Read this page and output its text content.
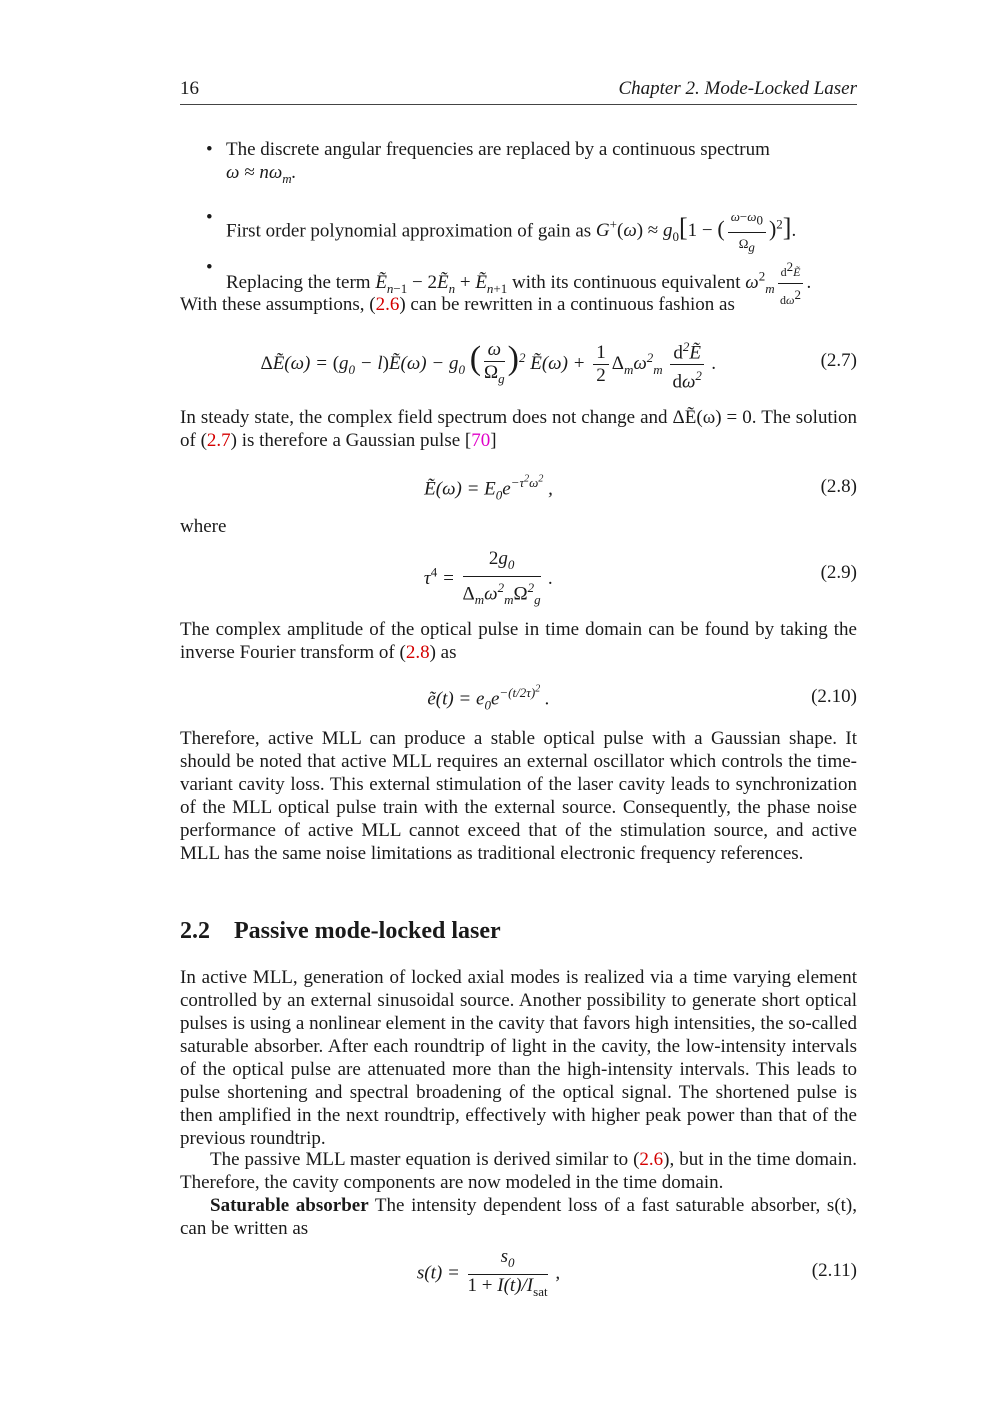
16	Chapter 2. Mode-Locked Laser
• The discrete angular frequencies are replaced by a continuous spectrum
$\omega \approx n\omega_m$.
•
First order polynomial approximation of gain as $G^+(\omega) \approx g_0[1$ − ( $\frac{\omega-\omega_0}{\Omega_g} )^2$].
•
Replacing the term Ẽ$_{n-1}$ − 2Ẽ$_n$ + Ẽ$_{n+1}$ with its continuous equivalent $\omega^2_m \frac{d^2Ẽ}{d\omega^2}$ .
With these assumptions, (2.6) can be rewritten in a continuous fashion as
ΔẼ(ω) = ($g_0$ − l)Ẽ(ω) − $g_0$ ( $\frac{\omega}{\Omega_g} )^2$ Ẽ(ω) + $\frac{1}{2} \Delta_m\omega^2_m \frac{d^2Ẽ}{d\omega^2}$ .	(2.7)
In steady state, the complex field spectrum does not change and ΔẼ(ω) = 0. The solution of (2.7) is therefore a Gaussian pulse [70]
Ẽ(ω) = $E_0e^{-\tau^2\omega^2}$ ,	(2.8)
where
$\tau^4 = \frac{2g_0}{\Delta_m\omega^2_m\Omega^2_g}$ .	(2.9)
The complex amplitude of the optical pulse in time domain can be found by taking the inverse Fourier transform of (2.8) as
ẽ(t) = $e_0e^{-(t/2\tau)^2}$ .	(2.10)
Therefore, active MLL can produce a stable optical pulse with a Gaussian shape. It should be noted that active MLL requires an external oscillator which controls the time-variant cavity loss. This external stimulation of the laser cavity leads to synchronization of the MLL optical pulse train with the external source. Consequently, the phase noise performance of active MLL cannot exceed that of the stimulation source, and active MLL has the same noise limitations as traditional electronic frequency references.
2.2 Passive mode-locked laser
In active MLL, generation of locked axial modes is realized via a time varying element controlled by an external sinusoidal source. Another possibility to generate short optical pulses is using a nonlinear element in the cavity that favors high intensities, the so-called saturable absorber. After each roundtrip of light in the cavity, the low-intensity intervals of the optical pulse are attenuated more than the high-intensity intervals. This leads to pulse shortening and spectral broadening of the optical signal. The shortened pulse is then amplified in the next roundtrip, effectively with higher peak power than that of the previous roundtrip.
The passive MLL master equation is derived similar to (2.6), but in the time domain. Therefore, the cavity components are now modeled in the time domain.
Saturable absorber The intensity dependent loss of a fast saturable absorber, s(t), can be written as
$s(t) = \frac{s_0}{1 + I(t)/I_{sat}}$ ,	(2.11)
